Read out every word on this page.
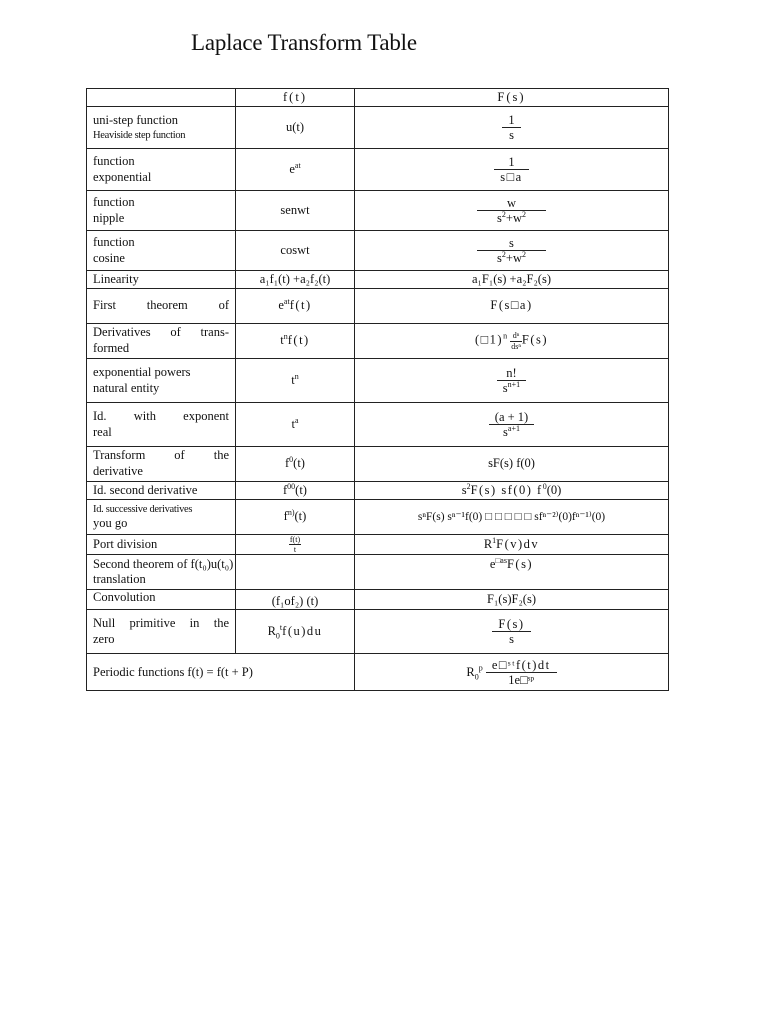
Laplace Transform Table
	f(t)	F(s)

uni-step function
Heaviside step function	u(t)	$\frac{1}{s}$

function
exponential	$e^{at}$	$\frac{1}{s□a}$

function
nipple	senwt	$\frac{w}{s^2+w^2}$

function
cosine	coswt	$\frac{s}{s^2+w^2}$

Linearity	a₁f₁(t) +a₂f₂(t)	a₁F₁(s) +a₂F₂(s)

First theorem of	$e^{at}f(t)$	F(s□a)

Derivatives of trans-
formed	$t^nf(t)$	(□1)$^n$ $\frac{\text{dⁿ}}{\text{dsⁿ}} F(s)$

exponential powers
natural entity	$t^n$	$\frac{n!}{s^{n+1}}$

Id. with exponent
real	$t^a$	$\frac{(a + 1)}{s^{a+1}}$

Transform of the
derivative	$f^0(t)$	sF(s) f(0)
Id. second derivative	$f^{00}(t)$	$s^2F(s)$ sf(0) $f^0(0)$

Id. successive derivatives
you go	$f^{n)}(t)$	sⁿF(s) sⁿ⁻¹f(0) □ □ □ □ □ sfⁿ⁻²⁾(0)fⁿ⁻¹⁾(0)
Port division	$\frac{f(t)}{t}$	$R^1F(v)dv$

Second theorem of f(t₀)u(t₀)
translation		$e^{□as}F(s)$
Convolution	(f₁of₂) (t)	F₁(s)F₂(s)

Null primitive in the
zero	$R_0^tf(u)du$	$\frac{F(s)}{s}$

Periodic functions f(t) = f(t + P)		$R_0^p \frac{\text{e□ˢᵗf(t)dt}}{\text{1e□ˢᵖ}}$
